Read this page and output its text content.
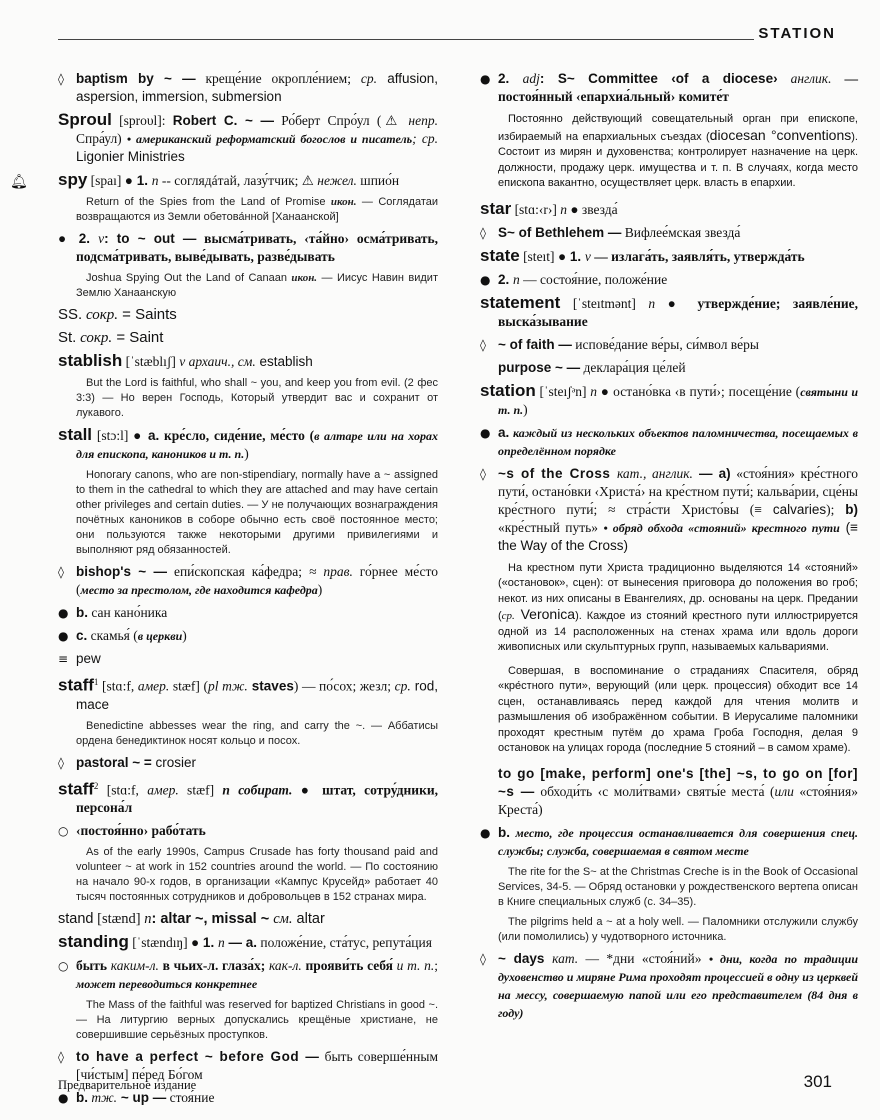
STATION
◊ baptism by ~ — креще́ние окропле́нием; ср. affusion, aspersion, immersion, submersion

Sproul [sproυl]: Robert C. ~ — Ро́берт Спро́ул (⚠ непр. Спра́ул) • американский реформатский богослов и писатель; ср. Ligonier Ministries

🔔︎ spy [spaı] ● 1. n -- соглядáтай, лазу́тчик; ⚠ нежел. шпио́н

Return of the Spies from the Land of Promise икон. — Соглядатаи возвращаются из Земли обетова́нной [Ханаанской]

● 2. v: to ~ out — высма́тривать, ‹та́йно› осма́тривать, подсма́тривать, выве́дывать, разве́дывать

Joshua Spying Out the Land of Canaan икон. — Иисус Навин видит Землю Ханаанскую

SS. сокр. = Saints

St. сокр. = Saint

stablish [ˈstæblıʃ] v архаич., см. establish

But the Lord is faithful, who shall ~ you, and keep you from evil. (2 фес 3:3) — Но верен Господь, Который утвердит вас и сохранит от лукавого.

stall [stɔ:l] ● a. кре́сло, сиде́ние, ме́сто (в алтаре или на хорах для епископа, каноников и т. п.)

Honorary canons, who are non-stipendiary, normally have a ~ assigned to them in the cathedral to which they are attached and may have certain other privileges and certain duties. — У не получающих вознаграждения почётных каноников в соборе обычно есть своё постоянное место; они пользуются также некоторыми другими привилегиями и выполняют ряд обязанностей.

◊ bishop's ~ — епи́скопская ка́федра; ≈ прав. го́рнее ме́сто (место за престолом, где находится кафедра)
● b. сан кано́ника
● c. скамья́ (в церкви)
≡ pew

staff$^1$ [stɑ:f, амер. stæf] (pl тж. staves) — по́сох; жезл; ср. rod, mace

Benedictine abbesses wear the ring, and carry the ~. — Аббатисы ордена бенедиктинок носят кольцо и посох.

◊ pastoral ~ = crosier

staff$^2$ [stɑ:f, амер. stæf] n собират. ● штат, сотру́дники, персона́л

○ ‹постоя́нно› рабо́тать

As of the early 1990s, Campus Crusade has forty thousand paid and volunteer ~ at work in 152 countries around the world. — По состоянию на начало 90-х годов, в организации «Кампус Крусейд» работает 40 тысяч постоянных сотрудников и добровольцев в 152 странах мира.

stand [stænd] n: altar ~, missal ~ см. altar

standing [ˈstændıŋ] ● 1. n — a. положе́ние, ста́тус, репута́ция

○ быть каким-л. в чьих-л. глаза́х; как-л. прояви́ть себя́ и т. п.; может переводиться конкретнее

The Mass of the faithful was reserved for baptized Christians in good ~. — На литургию верных допускались крещёные христиане, не совершившие серьёзных проступков.

◊ to have a perfect ~ before God — быть соверше́нным [чи́стым] пе́ред Бо́гом
● b. тж. ~ up — стоя́ние
● 2. adj: S~ Committee ‹of a diocese› англик. — постоя́нный ‹епархиа́льный› комите́т

Постоянно действующий совещательный орган при епископе, избираемый на епархиальных съездах (diocesan °conventions). Состоит из мирян и духовенства; контролирует назначение на церк. должности, продажу церк. имущества и т. п. В случаях, когда место епископа вакантно, осуществляет церк. власть в епархии.

star [stɑ:‹r›] n ● звезда́

◊ S~ of Bethlehem — Вифлее́мская звезда́

state [steıt] ● 1. v — излага́ть, заявля́ть, утвержда́ть

● 2. n — состоя́ние, положе́ние

statement [ˈsteıtmənt] n ● утвержде́ние; заявле́ние, выска́зывание

◊ ~ of faith — испове́дание ве́ры, си́мвол ве́ры
purpose ~ — деклара́ция це́лей

station [ˈsteıʃᵊn] n ● остано́вка ‹в пути́›; посеще́ние (святыни и т. п.)

● a. каждый из нескольких объектов паломничества, посещаемых в определённом порядке
◊ ~s of the Cross кат., англик. — a) «стоя́ния» кре́стного пути́, остано́вки ‹Христа́› на кре́стном пути́; кальва́рии, сце́ны кре́стного пути́; ≈ стра́сти Христо́вы (≡ calvaries); b) «кре́стный путь» • обряд обхода «стояний» крестного пути (≡ the Way of the Cross)

На крестном пути Христа традиционно выделяются 14 «стояний» («остановок», сцен): от вынесения приговора до положения во гроб; некот. из них описаны в Евангелиях, др. основаны на церк. Предании (ср. Veronica). Каждое из стояний крестного пути иллюстрируется одной из 14 расположенных на стенах храма или вдоль дороги живописных или скульптурных групп, называемых кальвариями.

Совершая, в воспоминание о страданиях Спасителя, обряд «кре́стного пути», верующий (или церк. процессия) обходит все 14 сцен, останавливаясь перед каждой для чтения молитв и размышления об изображённом событии. В Иерусалиме паломники проходят крестным путём до храма Гроба Господня, делая 9 остановок на улицах города (последние 5 стояний – в самом храме).

to go [make, perform] one's [the] ~s, to go on [for] ~s — обходи́ть ‹с моли́твами› святы́е места́ (или «стоя́ния» Креста́)
● b. место, где процессия останавливается для совершения спец. службы; служба, совершаемая в святом месте

The rite for the S~ at the Christmas Creche is in the Book of Occasional Services, 34-5. — Обряд остановки у рождественского вертепа описан в Книге специальных служб (с. 34–35).

The pilgrims held a ~ at a holy well. — Паломники отслужили службу (или помолились) у чудотворного источника.

◊ ~ days кат. — *дни «стоя́ний» • дни, когда по традиции духовенство и миряне Рима проходят процессией в одну из церквей на мессу, совершаемую папой или его представителем (84 дня в году)
Предварительное издание	301
